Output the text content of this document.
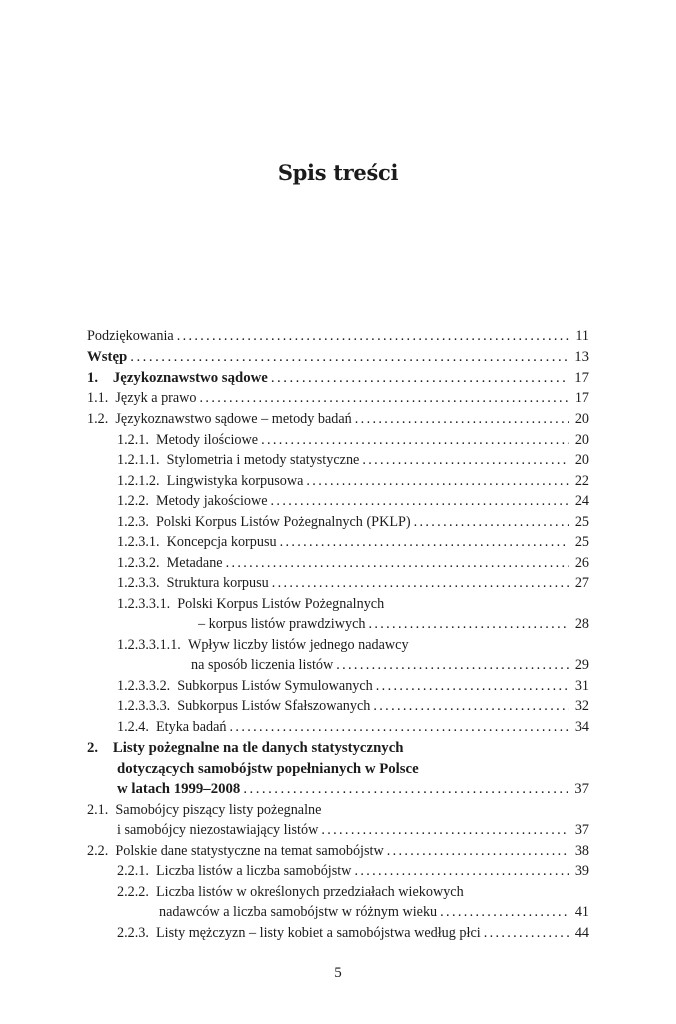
Spis treści
Podziękowania . . .	11
Wstęp . . .	13
1.    Językoznawstwo sądowe . . .	17
1.1.  Język a prawo . . .	17
1.2.  Językoznawstwo sądowe – metody badań . . .	20
1.2.1.  Metody ilościowe . . .	20
1.2.1.1.  Stylometria i metody statystyczne . . .	20
1.2.1.2.  Lingwistyka korpusowa . . .	22
1.2.2.  Metody jakościowe . . .	24
1.2.3.  Polski Korpus Listów Pożegnalnych (PKLP) . . .	25
1.2.3.1.  Koncepcja korpusu . . .	25
1.2.3.2.  Metadane . . .	26
1.2.3.3.  Struktura korpusu . . .	27
1.2.3.3.1.  Polski Korpus Listów Pożegnalnych
– korpus listów prawdziwych . . .	28
1.2.3.3.1.1.  Wpływ liczby listów jednego nadawcy
na sposób liczenia listów . . .	29
1.2.3.3.2.  Subkorpus Listów Symulowanych . . .	31
1.2.3.3.3.  Subkorpus Listów Sfałszowanych . . .	32
1.2.4.  Etyka badań . . .	34
2.    Listy pożegnalne na tle danych statystycznych
dotyczących samobójstw popełnianych w Polsce
w latach 1999–2008 . . .	37
2.1.  Samobójcy piszący listy pożegnalne
i samobójcy niezostawiający listów . . .	37
2.2.  Polskie dane statystyczne na temat samobójstw . . .	38
2.2.1.  Liczba listów a liczba samobójstw . . .	39
2.2.2.  Liczba listów w określonych przedziałach wiekowych
nadawców a liczba samobójstw w różnym wieku . . .	41
2.2.3.  Listy mężczyzn – listy kobiet a samobójstwa według płci . . .	44
5
